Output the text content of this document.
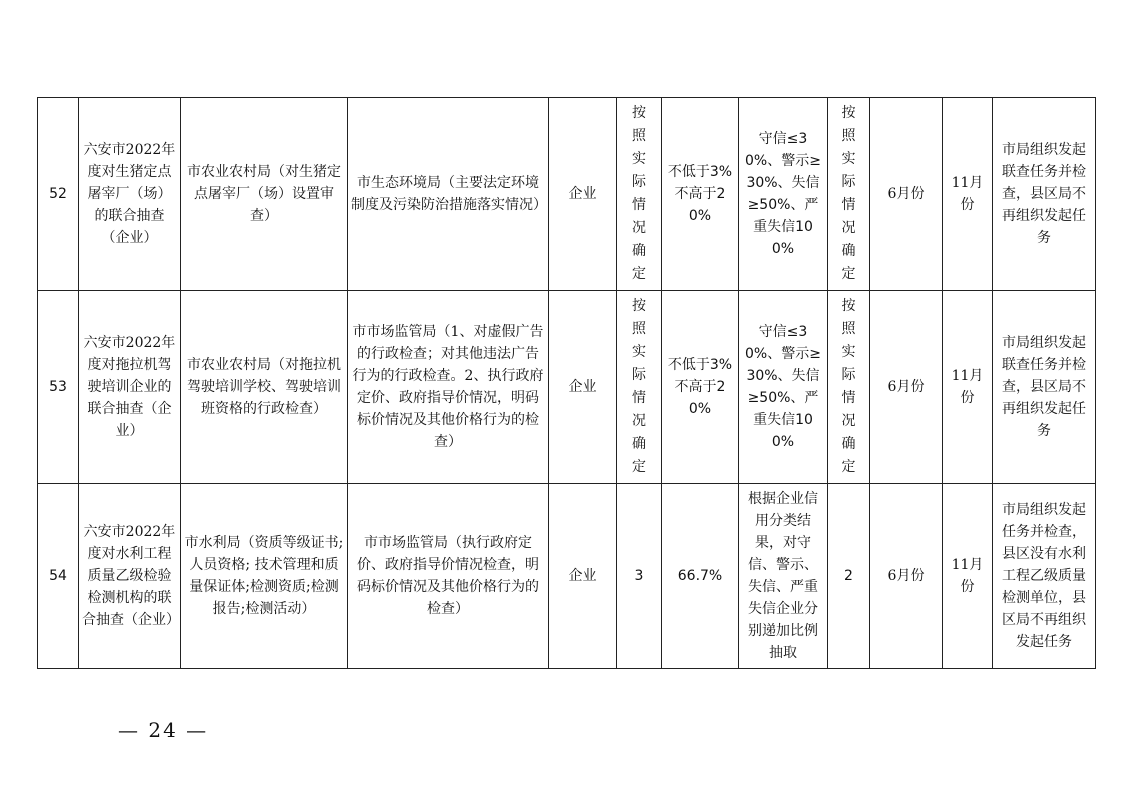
52	六安市2022年度对生猪定点屠宰厂（场）的联合抽查（企业）	市农业农村局（对生猪定点屠宰厂（场）设置审查）	市生态环境局（主要法定环境制度及污染防治措施落实情况）	企业	按照实际情况确定	不低于3%不高于20%	守信≤30%、警示≥30%、失信≥50%、严重失信100%	按照实际情况确定	6月份	11月份	市局组织发起联查任务并检查，县区局不再组织发起任务
53	六安市2022年度对拖拉机驾驶培训企业的联合抽查（企业）	市农业农村局（对拖拉机驾驶培训学校、驾驶培训班资格的行政检查）	市市场监管局（1、对虚假广告的行政检查；对其他违法广告行为的行政检查。2、执行政府定价、政府指导价情况，明码标价情况及其他价格行为的检查）	企业	按照实际情况确定	不低于3%不高于20%	守信≤30%、警示≥30%、失信≥50%、严重失信100%	按照实际情况确定	6月份	11月份	市局组织发起联查任务并检查，县区局不再组织发起任务
54	六安市2022年度对水利工程质量乙级检验检测机构的联合抽查（企业）	市水利局（资质等级证书;人员资格; 技术管理和质量保证体;检测资质;检测报告;检测活动）	市市场监管局（执行政府定价、政府指导价情况检查，明码标价情况及其他价格行为的检查）	企业	3	66.7%	根据企业信用分类结果，对守信、警示、失信、严重失信企业分别递加比例抽取	2	6月份	11月份	市局组织发起任务并检查，县区没有水利工程乙级质量检测单位，县区局不再组织发起任务
— 24 —
